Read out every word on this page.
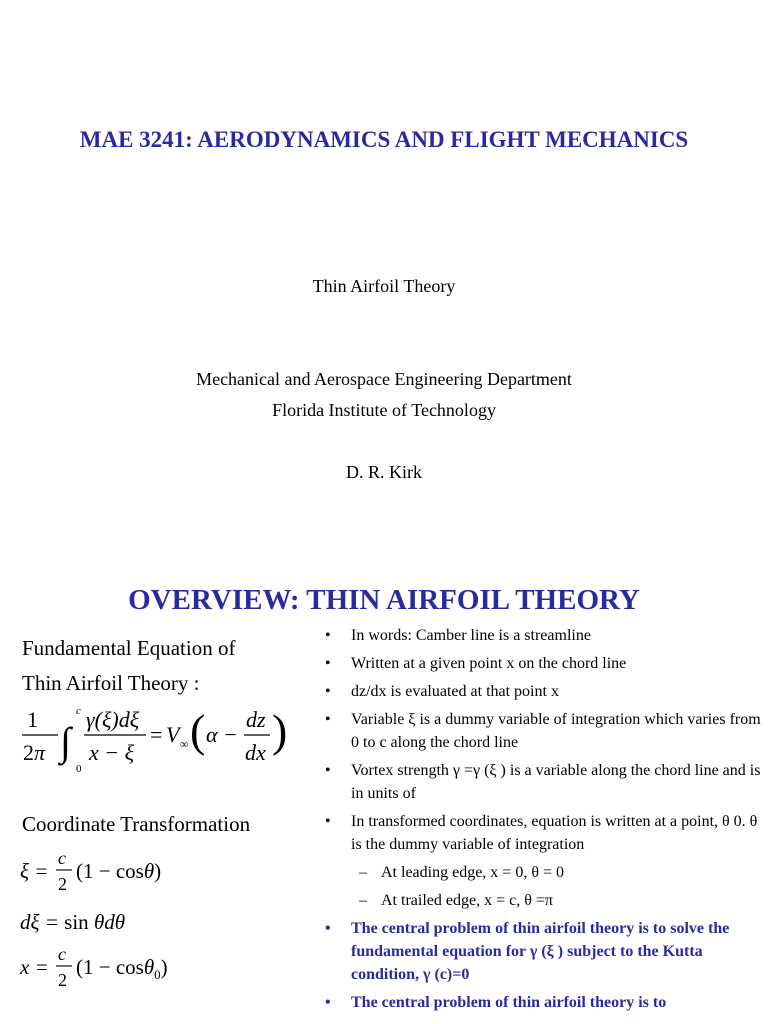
MAE 3241: AERODYNAMICS AND FLIGHT MECHANICS
Thin Airfoil Theory
Mechanical and Aerospace Engineering Department
Florida Institute of Technology
D. R. Kirk
OVERVIEW: THIN AIRFOIL THEORY
Fundamental Equation of
Thin Airfoil Theory :
1
2π ∫
c
0
γ(ξ)dξ
x − ξ
= V ∞ ( α −
dz
dx )
Coordinate Transformation
ξ =
c
2
(1 − cosθ)
dξ = sin θdθ
x =
c
2
(1 − cosθ$_0$)
• In words: Camber line is a streamline
• Written at a given point x on the chord line
• dz/dx is evaluated at that point x
• Variable ξ is a dummy variable of integration which varies from 0 to c along the chord line
• Vortex strength γ =γ (ξ ) is a variable along the chord line and is in units of
• In transformed coordinates, equation is written at a point, θ 0. θ is the dummy variable of integration
– At leading edge, x = 0, θ = 0
– At trailed edge, x = c, θ =π
• The central problem of thin airfoil theory is to solve the fundamental equation for γ (ξ ) subject to the Kutta condition, γ (c)=0
• The central problem of thin airfoil theory is to
